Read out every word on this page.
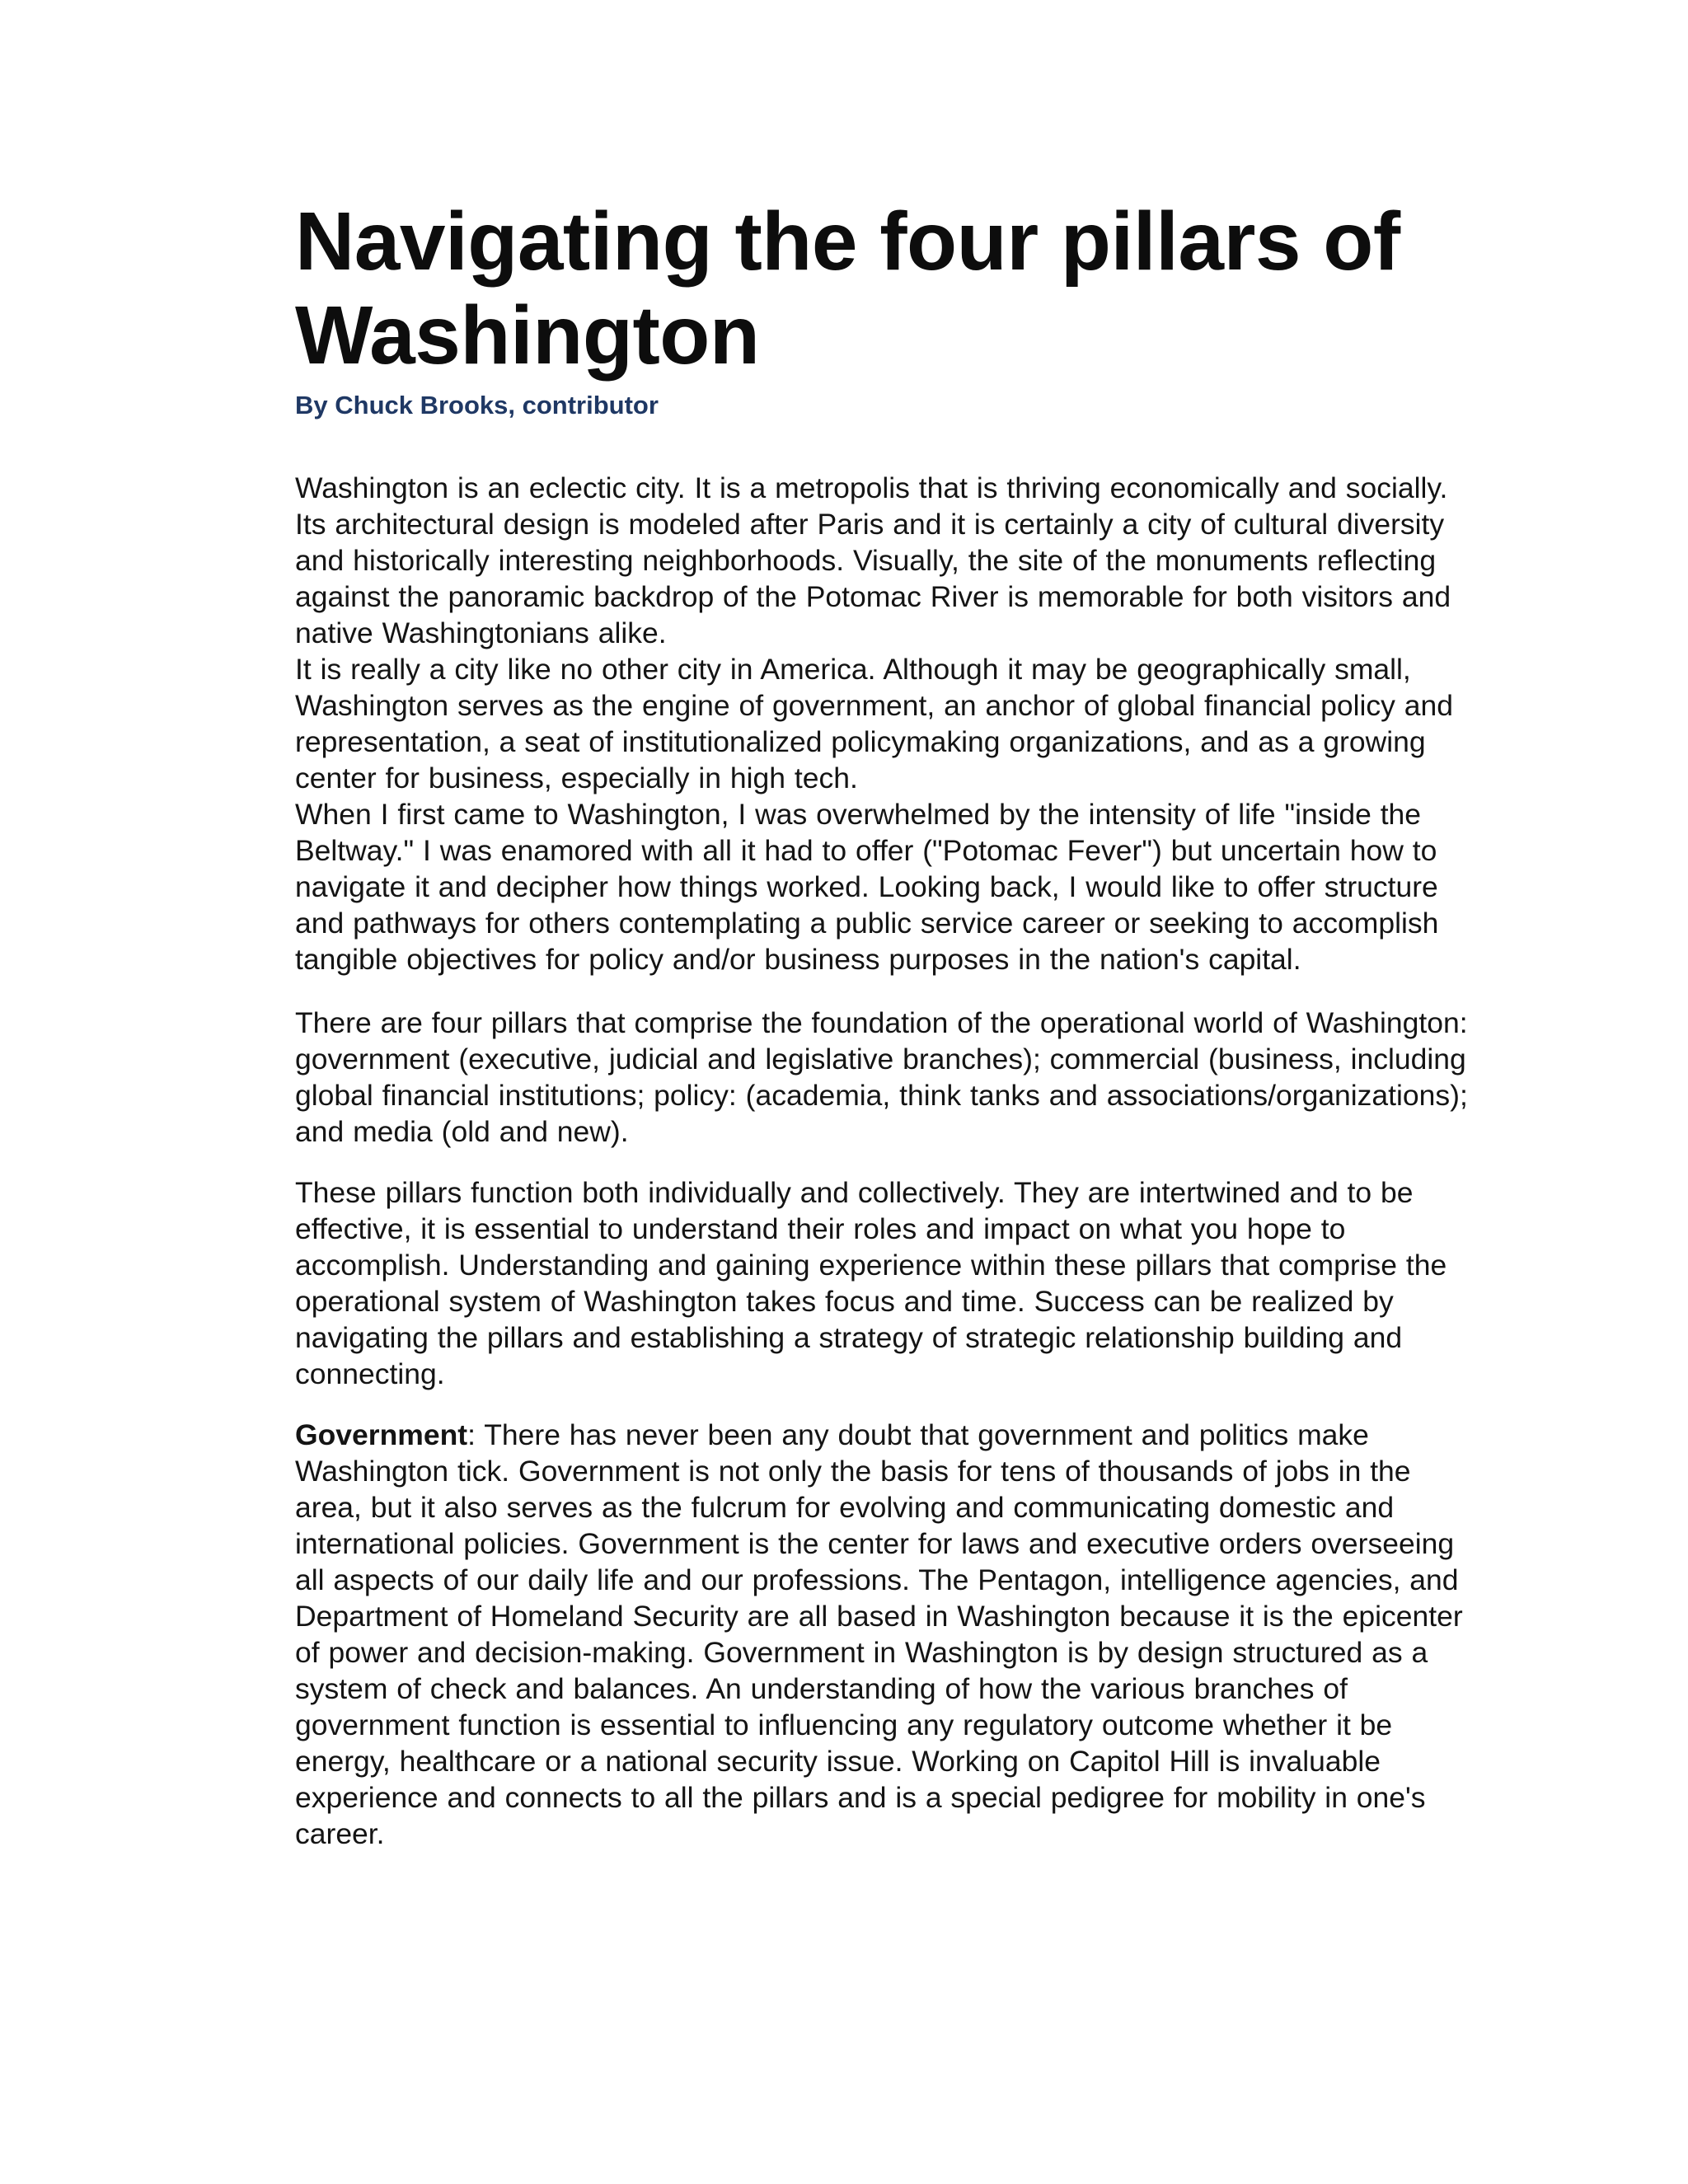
Navigating the four pillars of Washington

By Chuck Brooks, contributor

Washington is an eclectic city. It is a metropolis that is thriving economically and socially. Its architectural design is modeled after Paris and it is certainly a city of cultural diversity and historically interesting neighborhoods. Visually, the site of the monuments reflecting against the panoramic backdrop of the Potomac River is memorable for both visitors and native Washingtonians alike.

It is really a city like no other city in America. Although it may be geographically small, Washington serves as the engine of government, an anchor of global financial policy and representation, a seat of institutionalized policymaking organizations, and as a growing center for business, especially in high tech.

When I first came to Washington, I was overwhelmed by the intensity of life "inside the Beltway." I was enamored with all it had to offer ("Potomac Fever") but uncertain how to navigate it and decipher how things worked. Looking back, I would like to offer structure and pathways for others contemplating a public service career or seeking to accomplish tangible objectives for policy and/or business purposes in the nation's capital.

There are four pillars that comprise the foundation of the operational world of Washington: government (executive, judicial and legislative branches); commercial (business, including global financial institutions; policy: (academia, think tanks and associations/organizations); and media (old and new).

These pillars function both individually and collectively. They are intertwined and to be effective, it is essential to understand their roles and impact on what you hope to accomplish. Understanding and gaining experience within these pillars that comprise the operational system of Washington takes focus and time. Success can be realized by navigating the pillars and establishing a strategy of strategic relationship building and connecting.

Government: There has never been any doubt that government and politics make Washington tick. Government is not only the basis for tens of thousands of jobs in the area, but it also serves as the fulcrum for evolving and communicating domestic and international policies. Government is the center for laws and executive orders overseeing all aspects of our daily life and our professions. The Pentagon, intelligence agencies, and Department of Homeland Security are all based in Washington because it is the epicenter of power and decision-making. Government in Washington is by design structured as a system of check and balances. An understanding of how the various branches of government function is essential to influencing any regulatory outcome whether it be energy, healthcare or a national security issue. Working on Capitol Hill is invaluable experience and connects to all the pillars and is a special pedigree for mobility in one's career.
